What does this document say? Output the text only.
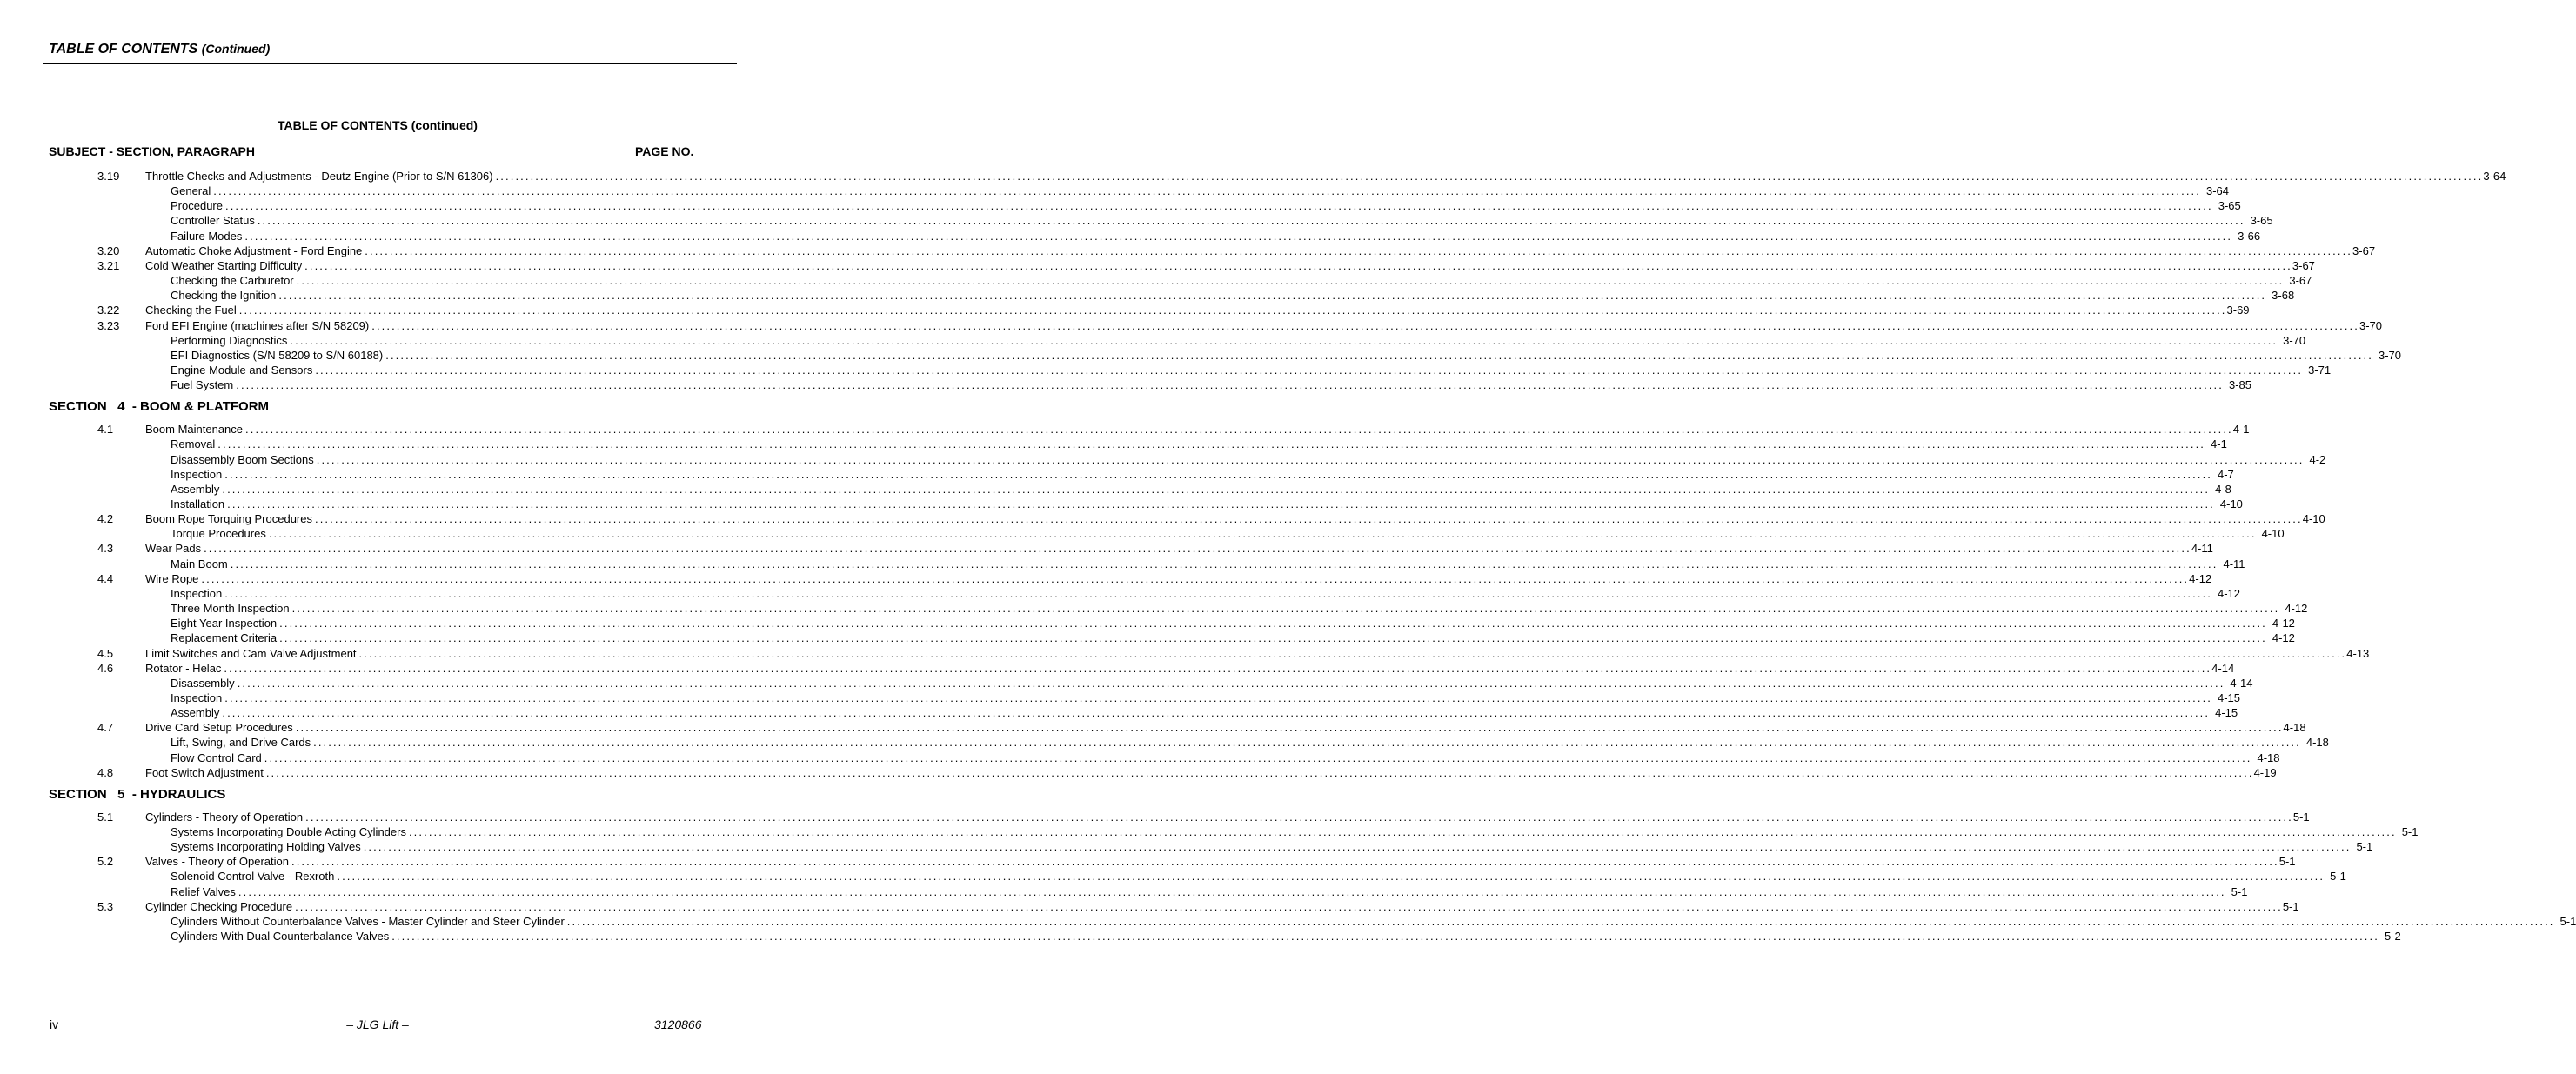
TABLE OF CONTENTS (Continued)
TABLE OF CONTENTS (continued)
SUBJECT - SECTION, PARAGRAPH	PAGE NO.
3.19 Throttle Checks and Adjustments - Deutz Engine (Prior to S/N 61306) ................................................................................................................................................................................................................................................................................................................................................................................................................ 3-64
General ................................................................................................................................................................................................................................................................................................................................................................................................................ 3-64
Procedure ................................................................................................................................................................................................................................................................................................................................................................................................................ 3-65
Controller Status ................................................................................................................................................................................................................................................................................................................................................................................................................ 3-65
Failure Modes ................................................................................................................................................................................................................................................................................................................................................................................................................ 3-66
3.20 Automatic Choke Adjustment - Ford Engine ................................................................................................................................................................................................................................................................................................................................................................................................................ 3-67
3.21 Cold Weather Starting Difficulty ................................................................................................................................................................................................................................................................................................................................................................................................................ 3-67
Checking the Carburetor ................................................................................................................................................................................................................................................................................................................................................................................................................ 3-67
Checking the Ignition ................................................................................................................................................................................................................................................................................................................................................................................................................ 3-68
3.22 Checking the Fuel ................................................................................................................................................................................................................................................................................................................................................................................................................ 3-69
3.23 Ford EFI Engine (machines after S/N 58209) ................................................................................................................................................................................................................................................................................................................................................................................................................ 3-70
Performing Diagnostics ................................................................................................................................................................................................................................................................................................................................................................................................................ 3-70
EFI Diagnostics (S/N 58209 to S/N 60188) ................................................................................................................................................................................................................................................................................................................................................................................................................ 3-70
Engine Module and Sensors ................................................................................................................................................................................................................................................................................................................................................................................................................ 3-71
Fuel System ................................................................................................................................................................................................................................................................................................................................................................................................................ 3-85
SECTION   4  - BOOM & PLATFORM
4.1	Boom Maintenance ................................................................................................................................................................................................................................................................................................................................................................................................................ 4-1
Removal ................................................................................................................................................................................................................................................................................................................................................................................................................ 4-1
Disassembly Boom Sections ................................................................................................................................................................................................................................................................................................................................................................................................................ 4-2
Inspection ................................................................................................................................................................................................................................................................................................................................................................................................................ 4-7
Assembly ................................................................................................................................................................................................................................................................................................................................................................................................................ 4-8
Installation ................................................................................................................................................................................................................................................................................................................................................................................................................ 4-10
4.2	Boom Rope Torquing Procedures ................................................................................................................................................................................................................................................................................................................................................................................................................ 4-10
Torque Procedures ................................................................................................................................................................................................................................................................................................................................................................................................................ 4-10
4.3	Wear Pads ................................................................................................................................................................................................................................................................................................................................................................................................................ 4-11
Main Boom ................................................................................................................................................................................................................................................................................................................................................................................................................ 4-11
4.4	Wire Rope ................................................................................................................................................................................................................................................................................................................................................................................................................ 4-12
Inspection ................................................................................................................................................................................................................................................................................................................................................................................................................ 4-12
Three Month Inspection ................................................................................................................................................................................................................................................................................................................................................................................................................ 4-12
Eight Year Inspection ................................................................................................................................................................................................................................................................................................................................................................................................................ 4-12
Replacement Criteria ................................................................................................................................................................................................................................................................................................................................................................................................................ 4-12
4.5	Limit Switches and Cam Valve Adjustment ................................................................................................................................................................................................................................................................................................................................................................................................................ 4-13
4.6	Rotator - Helac ................................................................................................................................................................................................................................................................................................................................................................................................................ 4-14
Disassembly ................................................................................................................................................................................................................................................................................................................................................................................................................ 4-14
Inspection ................................................................................................................................................................................................................................................................................................................................................................................................................ 4-15
Assembly ................................................................................................................................................................................................................................................................................................................................................................................................................ 4-15
4.7	Drive Card Setup Procedures ................................................................................................................................................................................................................................................................................................................................................................................................................ 4-18
Lift, Swing, and Drive Cards ................................................................................................................................................................................................................................................................................................................................................................................................................ 4-18
Flow Control Card ................................................................................................................................................................................................................................................................................................................................................................................................................ 4-18
4.8	Foot Switch Adjustment ................................................................................................................................................................................................................................................................................................................................................................................................................ 4-19
SECTION   5  - HYDRAULICS
5.1	Cylinders - Theory of Operation ................................................................................................................................................................................................................................................................................................................................................................................................................ 5-1
Systems Incorporating Double Acting Cylinders ................................................................................................................................................................................................................................................................................................................................................................................................................ 5-1
Systems Incorporating Holding Valves ................................................................................................................................................................................................................................................................................................................................................................................................................ 5-1
5.2	Valves - Theory of Operation ................................................................................................................................................................................................................................................................................................................................................................................................................ 5-1
Solenoid Control Valve - Rexroth ................................................................................................................................................................................................................................................................................................................................................................................................................ 5-1
Relief Valves ................................................................................................................................................................................................................................................................................................................................................................................................................ 5-1
5.3	Cylinder Checking Procedure ................................................................................................................................................................................................................................................................................................................................................................................................................ 5-1
Cylinders Without Counterbalance Valves - Master Cylinder and Steer Cylinder ................................................................................................................................................................................................................................................................................................................................................................................................................ 5-1
Cylinders With Dual Counterbalance Valves ................................................................................................................................................................................................................................................................................................................................................................................................................ 5-2
iv	– JLG Lift –	3120866
